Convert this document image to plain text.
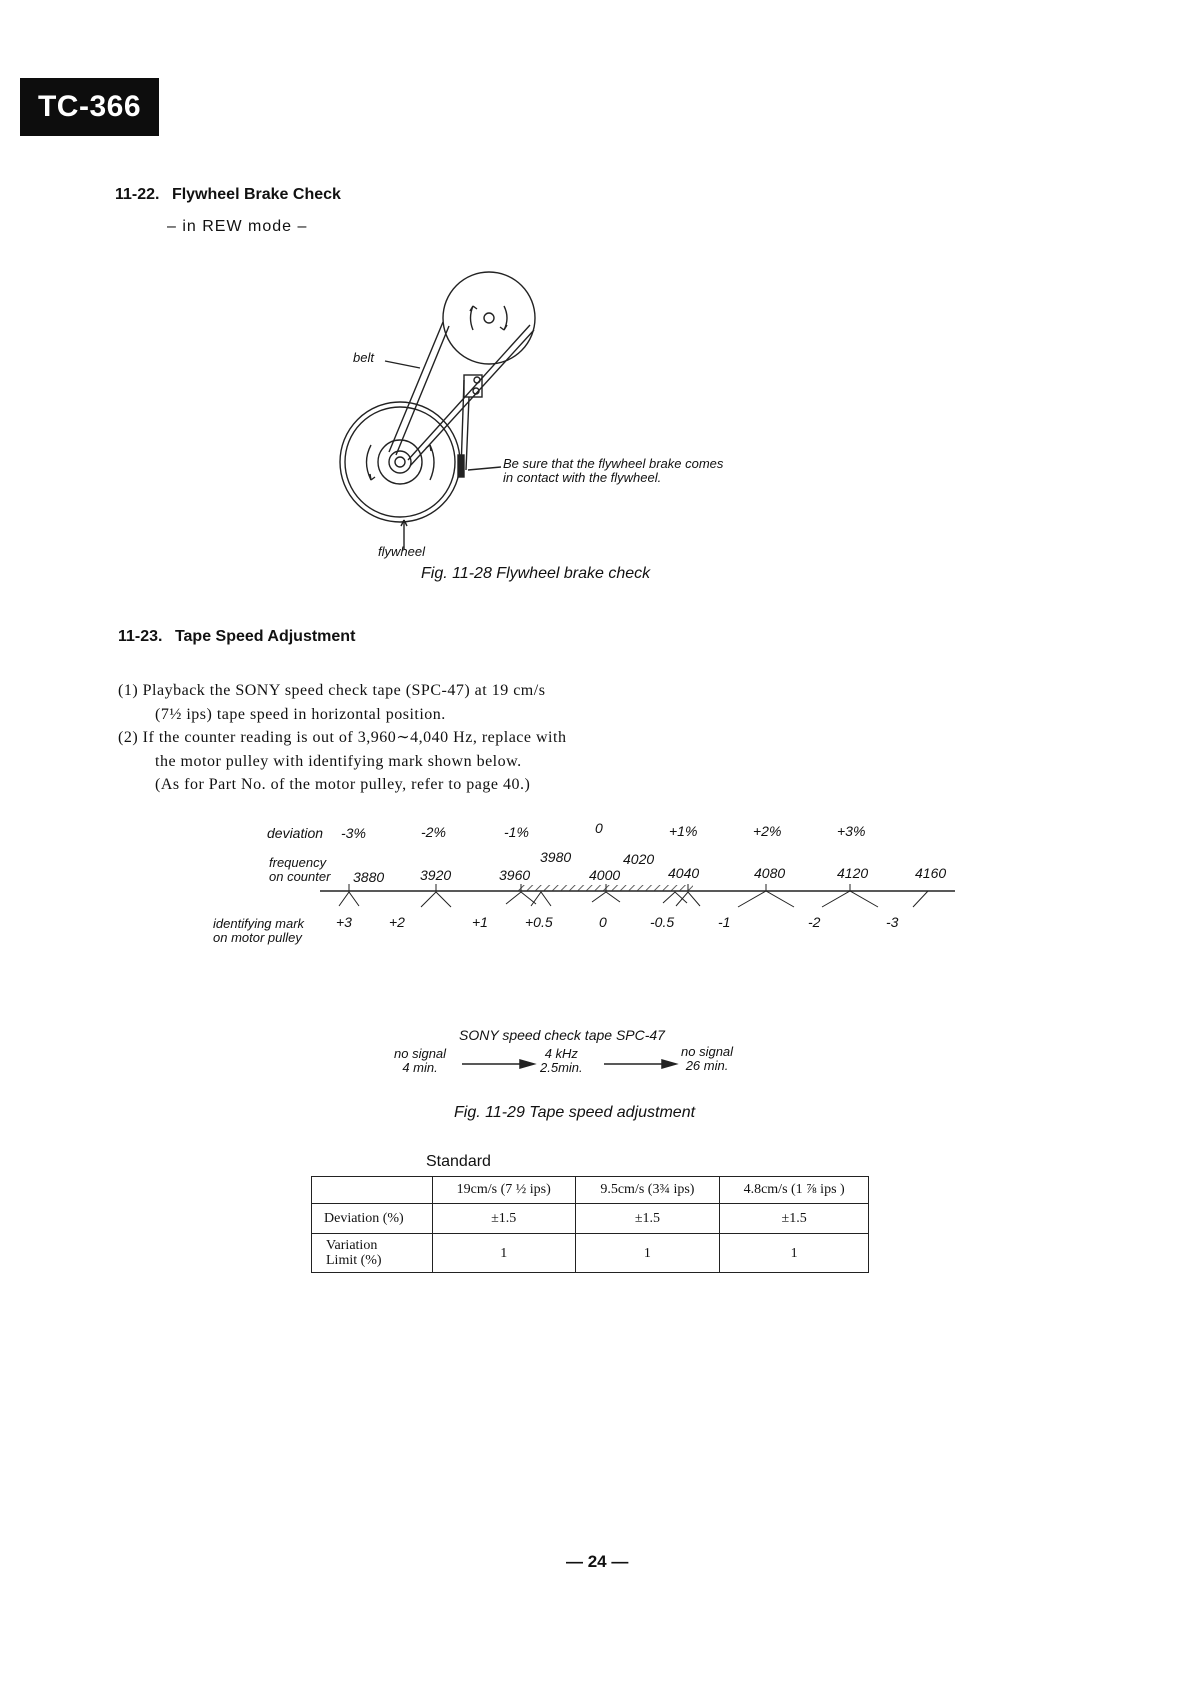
TC-366
11-22. Flywheel Brake Check
– in REW mode –
belt
flywheel
Be sure that the flywheel brake comes
in contact with the flywheel.
Fig. 11-28 Flywheel brake check
11-23. Tape Speed Adjustment

(1) Playback the SONY speed check tape (SPC-47) at 19 cm/s

(7½ ips) tape speed in horizontal position.

(2) If the counter reading is out of 3,960∼4,040 Hz, replace with

the motor pulley with identifying mark shown below.

(As for Part No. of the motor pulley, refer to page 40.)

deviation -3%	-2%	-1%	0	+1%	+2%	+3%
frequency
on counter 3880	3920	3960
3980
4000
4020
4040	4080	4120	4160
identifying mark
on motor pulley
+3	+2	+1	+0.5	0	-0.5	-1	-2	-3
SONY speed check tape SPC-47
no signal
4 min.
4 kHz
2.5min.
no signal
26 min.
Fig. 11-29 Tape speed adjustment
Standard
	19cm/s (7 ½ ips)	9.5cm/s (3¾ ips)	4.8cm/s (1 ⅞ ips )
Deviation (%)	±1.5	±1.5	±1.5

Variation
Limit (%)	1	1	1
— 24 —
